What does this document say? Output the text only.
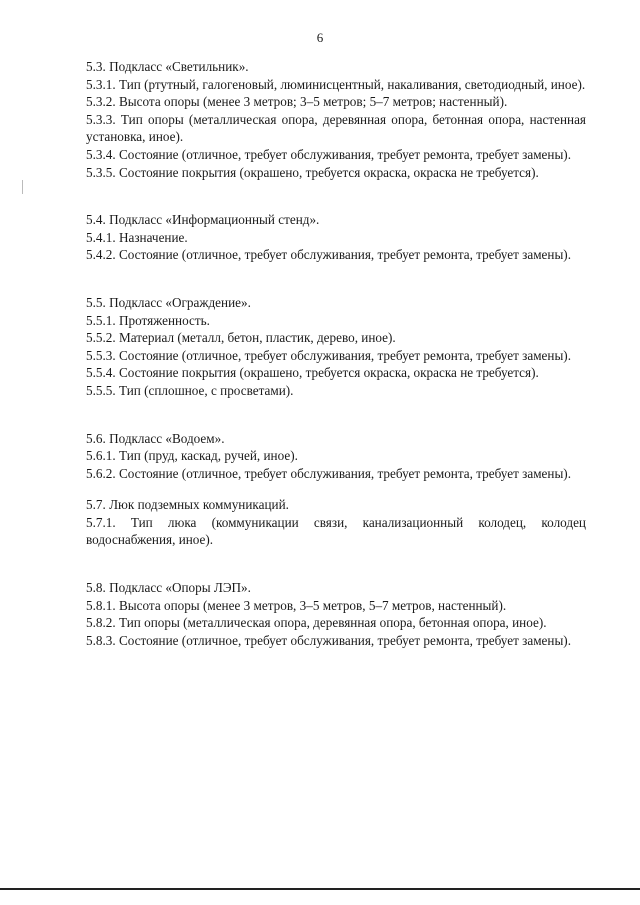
6

5.3. Подкласс «Светильник».

5.3.1. Тип (ртутный, галогеновый, люминисцентный, накаливания, светодиодный, иное).

5.3.2. Высота опоры (менее 3 метров; 3–5 метров; 5–7 метров; настенный).

5.3.3. Тип опоры (металлическая опора, деревянная опора, бетонная опора, настенная установка, иное).

5.3.4. Состояние (отличное, требует обслуживания, требует ремонта, требует замены).

5.3.5. Состояние покрытия (окрашено, требуется окраска, окраска не требуется).

5.4. Подкласс «Информационный стенд».

5.4.1. Назначение.

5.4.2. Состояние (отличное, требует обслуживания, требует ремонта, требует замены).

5.5. Подкласс «Ограждение».

5.5.1. Протяженность.

5.5.2. Материал (металл, бетон, пластик, дерево, иное).

5.5.3. Состояние (отличное, требует обслуживания, требует ремонта, требует замены).

5.5.4. Состояние покрытия (окрашено, требуется окраска, окраска не требуется).

5.5.5. Тип (сплошное, с просветами).

5.6. Подкласс «Водоем».

5.6.1. Тип (пруд, каскад, ручей, иное).

5.6.2. Состояние (отличное, требует обслуживания, требует ремонта, требует замены).

5.7. Люк подземных коммуникаций.

5.7.1. Тип люка (коммуникации связи, канализационный колодец, колодец водоснабжения, иное).

5.8. Подкласс «Опоры ЛЭП».

5.8.1. Высота опоры (менее 3 метров, 3–5 метров, 5–7 метров, настенный).

5.8.2. Тип опоры (металлическая опора, деревянная опора, бетонная опора, иное).

5.8.3. Состояние (отличное, требует обслуживания, требует ремонта, требует замены).
